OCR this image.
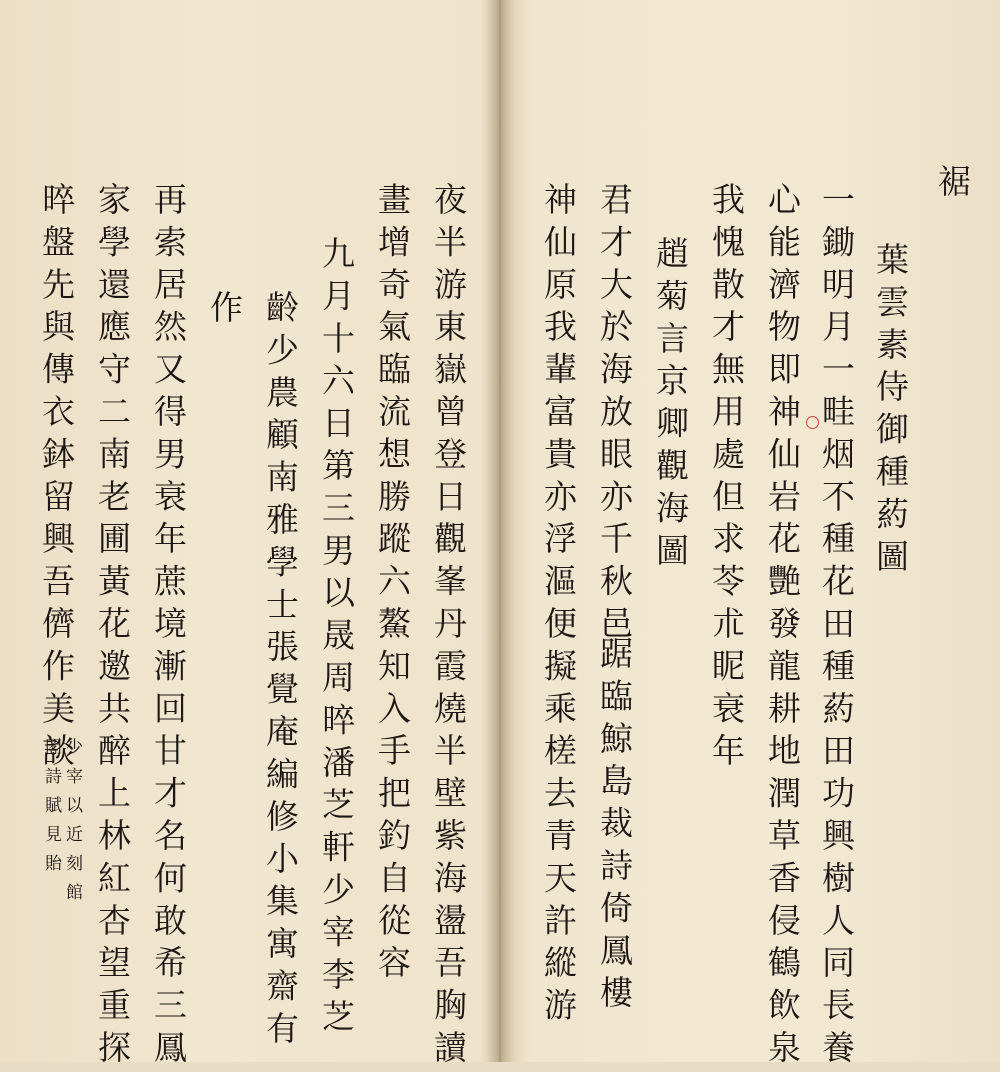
裾
葉雲素侍御種葯圖
一鋤明月一畦烟不種花田種葯田功興樹人同長養
心能濟物即神仙岩花艷發龍耕地潤草香侵鶴飲泉
我愧散才無用處但求苓朮眤衰年
趙菊言京卿觀海圖
君才大於海放眼亦千秋邑
踞臨鯨島裁詩倚鳳樓
神仙原我輩富貴亦浮漚便擬乘槎去青天許縱游
夜半游東嶽曾登日觀峯丹霞燒半壁紫海盪吾胸讀
畫增奇氣臨流想勝蹤六鰲知入手把釣自從容
九月十六日第三男以晟周晬潘芝軒少宰李芝
齡少農顧南雅學士張覺庵編修小集寓齋有
作
再索居然又得男衰年蔗境漸回甘才名何敢希三鳳
家學還應守二南老圃黃花邀共醉上林紅杏望重探
晬盤先與傳衣鉢留興吾儕作美談
少宰以近刻館
閣詩賦見貽
